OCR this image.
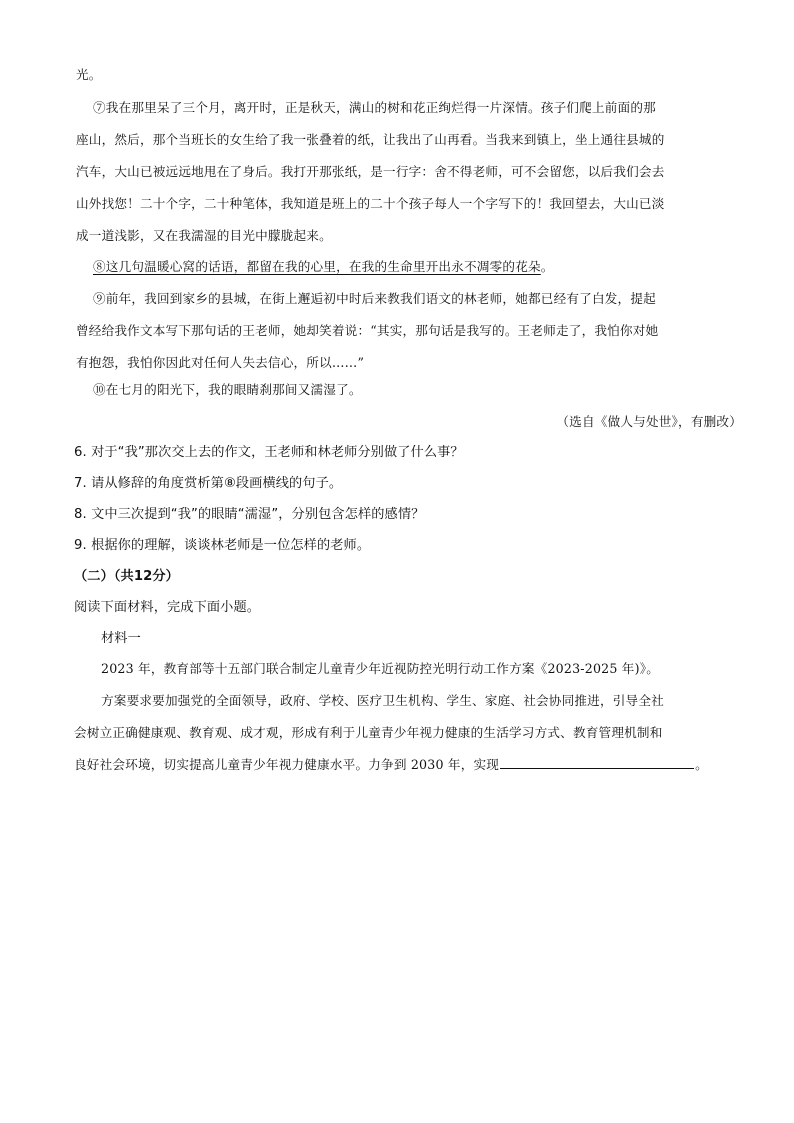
光。
⑦我在那里呆了三个月，离开时，正是秋天，满山的树和花正绚烂得一片深情。孩子们爬上前面的那
座山，然后，那个当班长的女生给了我一张叠着的纸，让我出了山再看。当我来到镇上，坐上通往县城的
汽车，大山已被远远地甩在了身后。我打开那张纸，是一行字：舍不得老师，可不会留您，以后我们会去
山外找您！二十个字，二十种笔体，我知道是班上的二十个孩子每人一个字写下的！我回望去，大山已淡
成一道浅影，又在我濡湿的目光中朦胧起来。
⑧这几句温暖心窝的话语，都留在我的心里，在我的生命里开出永不凋零的花朵。
⑨前年，我回到家乡的县城，在街上邂逅初中时后来教我们语文的林老师，她都已经有了白发，提起
曾经给我作文本写下那句话的王老师，她却笑着说：“其实，那句话是我写的。王老师走了，我怕你对她
有抱怨，我怕你因此对任何人失去信心，所以……”
⑩在七月的阳光下，我的眼睛刹那间又濡湿了。
（选自《做人与处世》，有删改）
6. 对于“我”那次交上去的作文，王老师和林老师分别做了什么事？
7. 请从修辞的角度赏析第⑧段画横线的句子。
8. 文中三次提到“我”的眼睛“濡湿”，分别包含怎样的感情？
9. 根据你的理解，谈谈林老师是一位怎样的老师。
（二）（共12分）
阅读下面材料，完成下面小题。
材料一
2023 年，教育部等十五部门联合制定儿童青少年近视防控光明行动工作方案《2023-2025 年)》。
方案要求要加强党的全面领导，政府、学校、医疗卫生机构、学生、家庭、社会协同推进，引导全社
会树立正确健康观、教育观、成才观，形成有利于儿童青少年视力健康的生活学习方式、教育管理机制和
良好社会环境，切实提高儿童青少年视力健康水平。力争到 2030 年，实现	。
